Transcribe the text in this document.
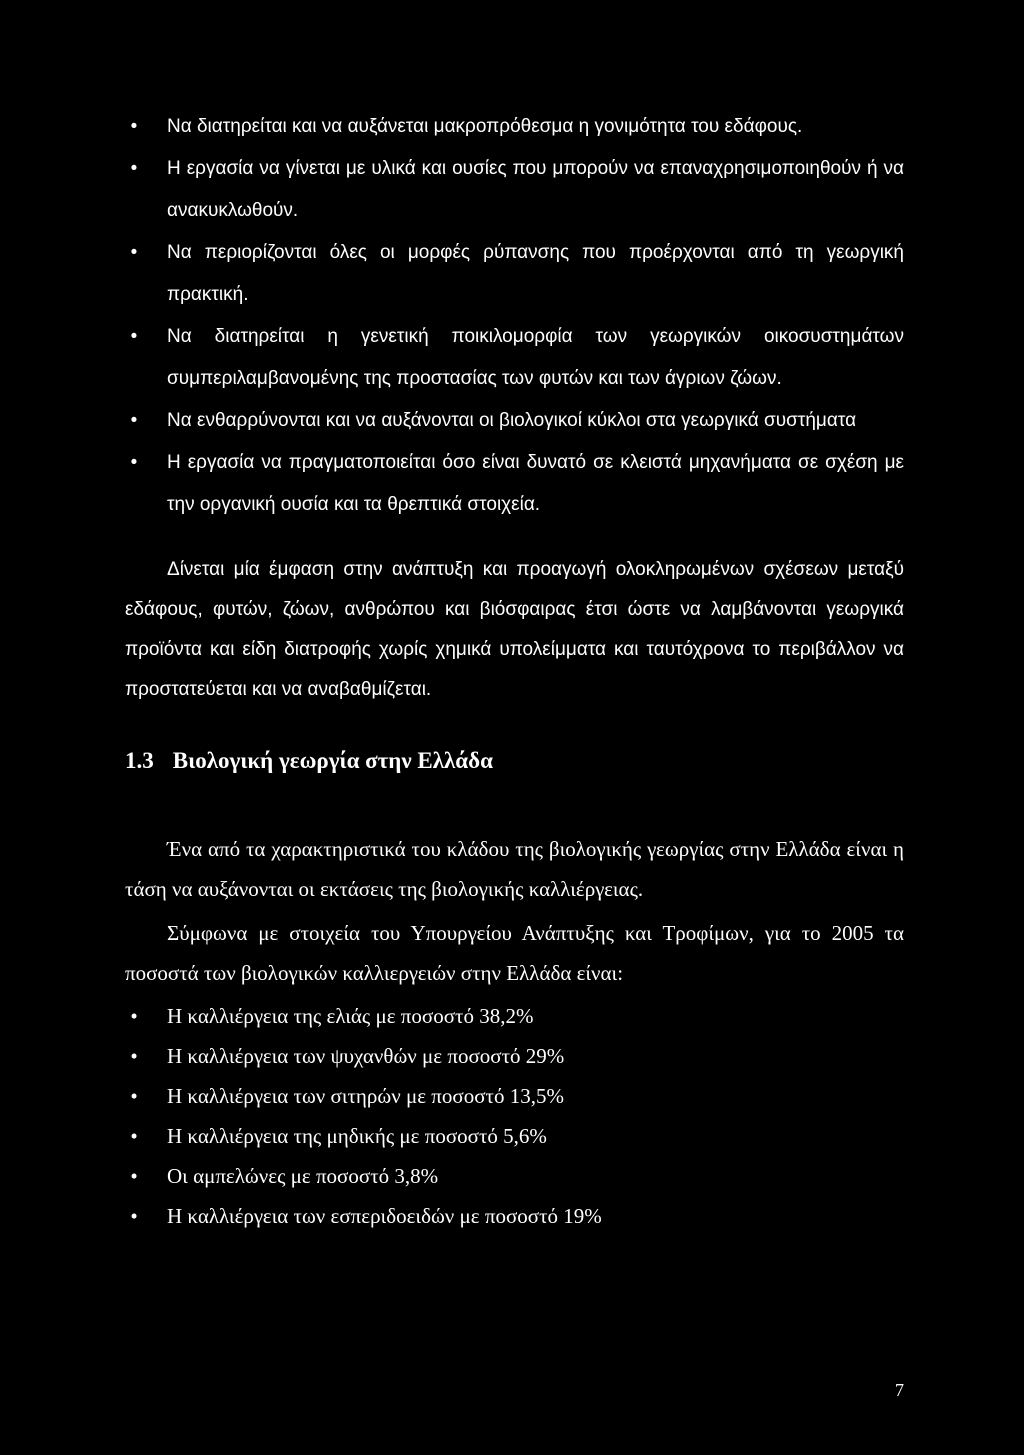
• Να διατηρείται και να αυξάνεται μακροπρόθεσμα η γονιμότητα του εδάφους.
• Η εργασία να γίνεται με υλικά και ουσίες που μπορούν να επαναχρησιμοποιηθούν ή να ανακυκλωθούν.
• Να περιορίζονται όλες οι μορφές ρύπανσης που προέρχονται από τη γεωργική πρακτική.
• Να διατηρείται η γενετική ποικιλομορφία των γεωργικών οικοσυστημάτων συμπεριλαμβανομένης της προστασίας των φυτών και των άγριων ζώων.
• Να ενθαρρύνονται και να αυξάνονται οι βιολογικοί κύκλοι στα γεωργικά συστήματα
• Η εργασία να πραγματοποιείται όσο είναι δυνατό σε κλειστά μηχανήματα σε σχέση με την οργανική ουσία και τα θρεπτικά στοιχεία.

Δίνεται μία έμφαση στην ανάπτυξη και προαγωγή ολοκληρωμένων σχέσεων μεταξύ εδάφους, φυτών, ζώων, ανθρώπου και βιόσφαιρας έτσι ώστε να λαμβάνονται γεωργικά προϊόντα και είδη διατροφής χωρίς χημικά υπολείμματα και ταυτόχρονα το περιβάλλον να προστατεύεται και να αναβαθμίζεται.

1.3 Βιολογική γεωργία στην Ελλάδα

Ένα από τα χαρακτηριστικά του κλάδου της βιολογικής γεωργίας στην Ελλάδα είναι η τάση να αυξάνονται οι εκτάσεις της βιολογικής καλλιέργειας.

Σύμφωνα με στοιχεία του Υπουργείου Ανάπτυξης και Τροφίμων, για το 2005 τα ποσοστά των βιολογικών καλλιεργειών στην Ελλάδα είναι:

• Η καλλιέργεια της ελιάς με ποσοστό 38,2%
• Η καλλιέργεια των ψυχανθών με ποσοστό 29%
• Η καλλιέργεια των σιτηρών με ποσοστό 13,5%
• Η καλλιέργεια της μηδικής με ποσοστό 5,6%
• Οι αμπελώνες με ποσοστό 3,8%
• Η καλλιέργεια των εσπεριδοειδών με ποσοστό 19%
7
